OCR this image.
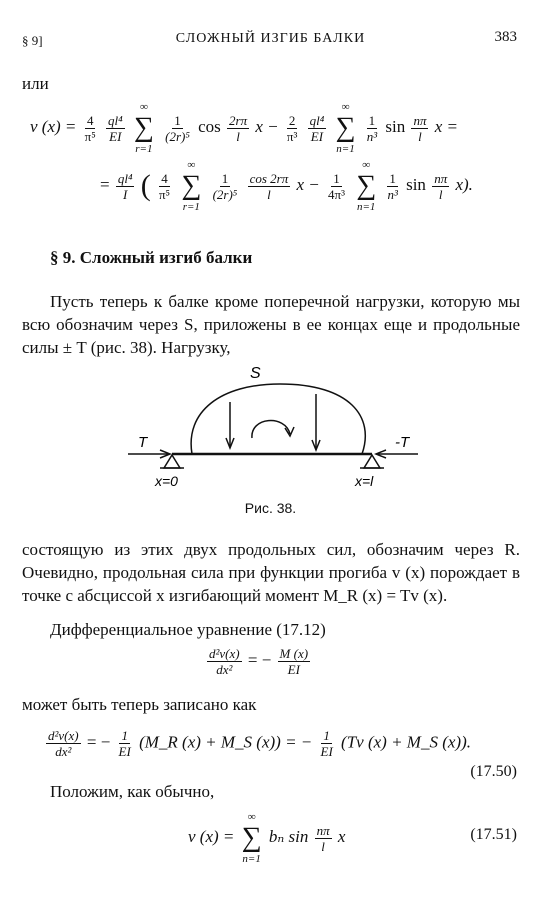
§ 9]	СЛОЖНЫЙ ИЗГИБ БАЛКИ	383
или
v $(x) = \frac{4}{\text{π⁵}}$
$\frac{\text{ql⁴}}{EI}$

∞
∑
r=1

$\frac{1}{\text{(2r)⁵}}$ $\cos \frac{2r\pi}{l}$ $x - \frac{2}{\text{π³}}$
$\frac{\text{ql⁴}}{EI}$

∞
∑
n=1

$\frac{1}{\text{n³}}$ $\sin \frac{n\pi}{l}$ x =
= $\frac{\text{ql⁴}}{I}$ ( $\frac{4}{\text{π⁵}}$

∞
∑
r=1

$\frac{1}{\text{(2r)⁵}}$
$\frac{\cos 2r\pi}{l}$ $x - \frac{1}{\text{4π³}}$

∞
∑
n=1

$\frac{1}{\text{n³}}$ $\sin \frac{n\pi}{l} x$).
§ 9. Сложный изгиб балки
Пусть теперь к балке кроме поперечной нагрузки, которую мы всю обозначим через S, приложены в ее концах еще и продольные силы ± T (рис. 38). Нагрузку,
S
T	-T
x=0	x=l
Рис. 38.
состоящую из этих двух продольных сил, обозначим через R. Очевидно, продольная сила при функции прогиба v (x) порождает в точке с абсциссой x изгибающий момент M_R (x) = Tv (x).
Дифференциальное уравнение (17.12)
$\frac{\text{d²v(x)}}{\text{dx²}}$ = − $\frac{M (x)}{EI}$
может быть теперь записано как
$\frac{\text{d²v(x)}}{\text{dx²}}$ = − $\frac{1}{EI}$ (M_R (x) + M_S (x)) = − $\frac{1}{EI} (Tv$ (x) + M_S (x)).
(17.50)
Положим, как обычно,
v (x) =
∞
∑
n=1
bₙ $\sin \frac{n\pi}{l}$ x	(17.51)
